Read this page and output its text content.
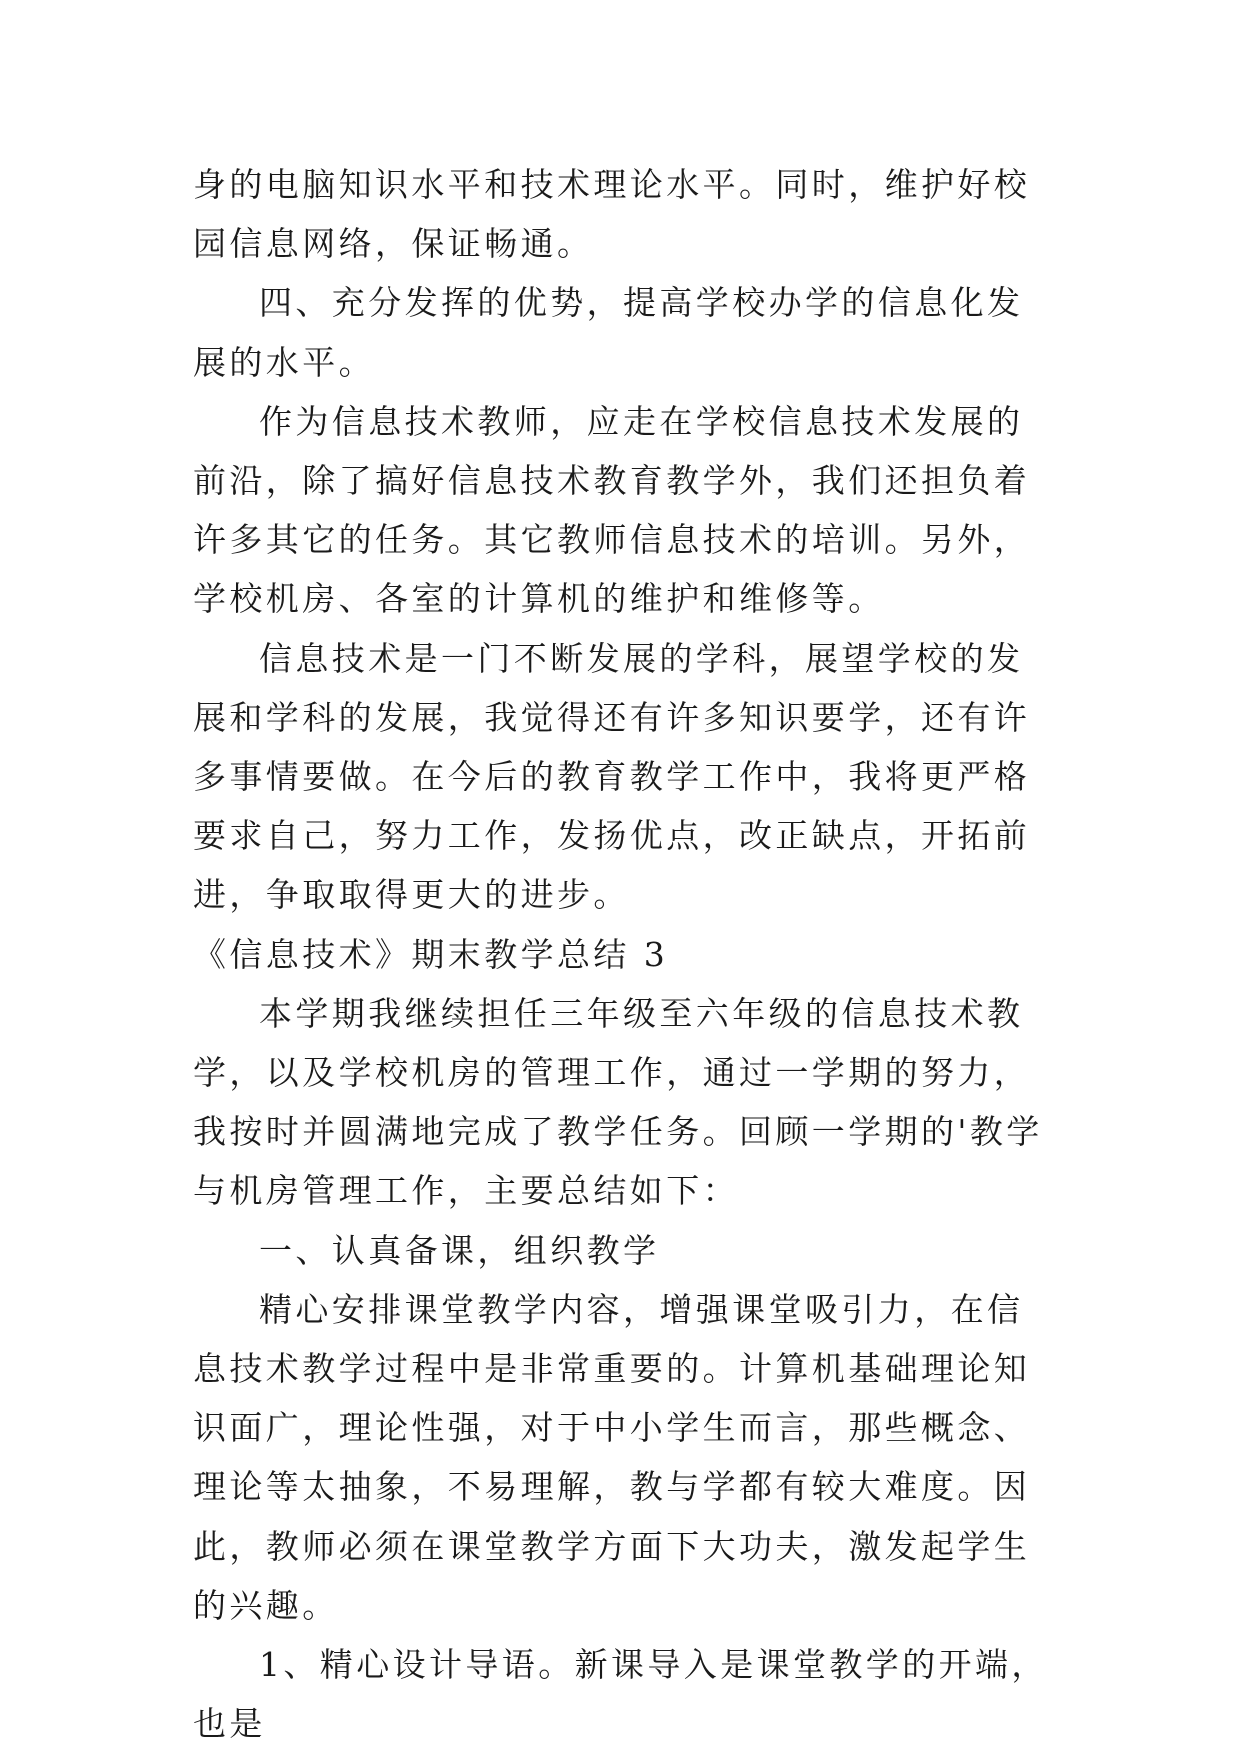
身的电脑知识水平和技术理论水平。同时，维护好校园信息网络，保证畅通。

四、充分发挥的优势，提高学校办学的信息化发展的水平。

作为信息技术教师，应走在学校信息技术发展的前沿，除了搞好信息技术教育教学外，我们还担负着许多其它的任务。其它教师信息技术的培训。另外，学校机房、各室的计算机的维护和维修等。

信息技术是一门不断发展的学科，展望学校的发展和学科的发展，我觉得还有许多知识要学，还有许多事情要做。在今后的教育教学工作中，我将更严格要求自己，努力工作，发扬优点，改正缺点，开拓前进，争取取得更大的进步。

《信息技术》期末教学总结 3

本学期我继续担任三年级至六年级的信息技术教学，以及学校机房的管理工作，通过一学期的努力，我按时并圆满地完成了教学任务。回顾一学期的'教学与机房管理工作，主要总结如下：

一、认真备课，组织教学

精心安排课堂教学内容，增强课堂吸引力，在信息技术教学过程中是非常重要的。计算机基础理论知识面广，理论性强，对于中小学生而言，那些概念、理论等太抽象，不易理解，教与学都有较大难度。因此，教师必须在课堂教学方面下大功夫，激发起学生的兴趣。

1、精心设计导语。新课导入是课堂教学的开端，也是
